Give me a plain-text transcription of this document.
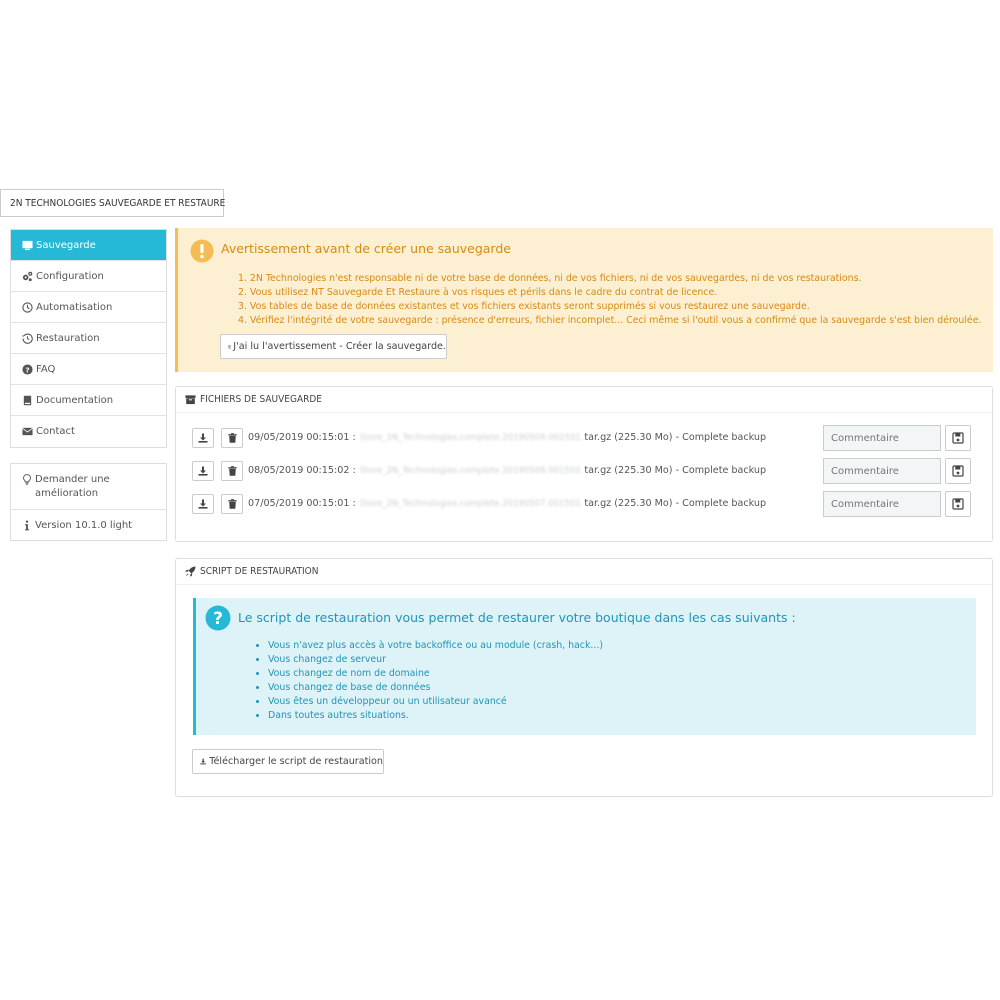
2N TECHNOLOGIES SAUVEGARDE ET RESTAURE
Sauvegarde
Configuration
Automatisation
Restauration
? FAQ
Documentation
Contact
Demander une amélioration
Version 10.1.0 light
Avertissement avant de créer une sauvegarde
1. 2N Technologies n'est responsable ni de votre base de données, ni de vos fichiers, ni de vos sauvegardes, ni de vos restaurations.
2. Vous utilisez NT Sauvegarde Et Restaure à vos risques et périls dans le cadre du contrat de licence.
3. Vos tables de base de données existantes et vos fichiers existants seront supprimés si vous restaurez une sauvegarde.
4. Vérifiez l'intégrité de votre sauvegarde : présence d'erreurs, fichier incomplet... Ceci même si l'outil vous a confirmé que la sauvegarde s'est bien déroulée.
J'ai lu l'avertissement - Créer la sauvegarde.
FICHIERS DE SAUVEGARDE
09/05/2019 00:15:01 :
Store_2N_Technologies.complete.20190509.001501. tar.gz
(225.30 Mo)
- Complete backup
Commentaire
08/05/2019 00:15:02 :
Store_2N_Technologies.complete.20190508.001502. tar.gz
(225.30 Mo)
- Complete backup
Commentaire
07/05/2019 00:15:01 :
Store_2N_Technologies.complete.20190507.001501. tar.gz
(225.30 Mo)
- Complete backup
Commentaire
SCRIPT DE RESTAURATION
? Le script de restauration vous permet de restaurer votre boutique dans les cas suivants :
• Vous n'avez plus accès à votre backoffice ou au module (crash, hack...)
• Vous changez de serveur
• Vous changez de nom de domaine
• Vous changez de base de données
• Vous êtes un développeur ou un utilisateur avancé
• Dans toutes autres situations.
Télécharger le script de restauration
